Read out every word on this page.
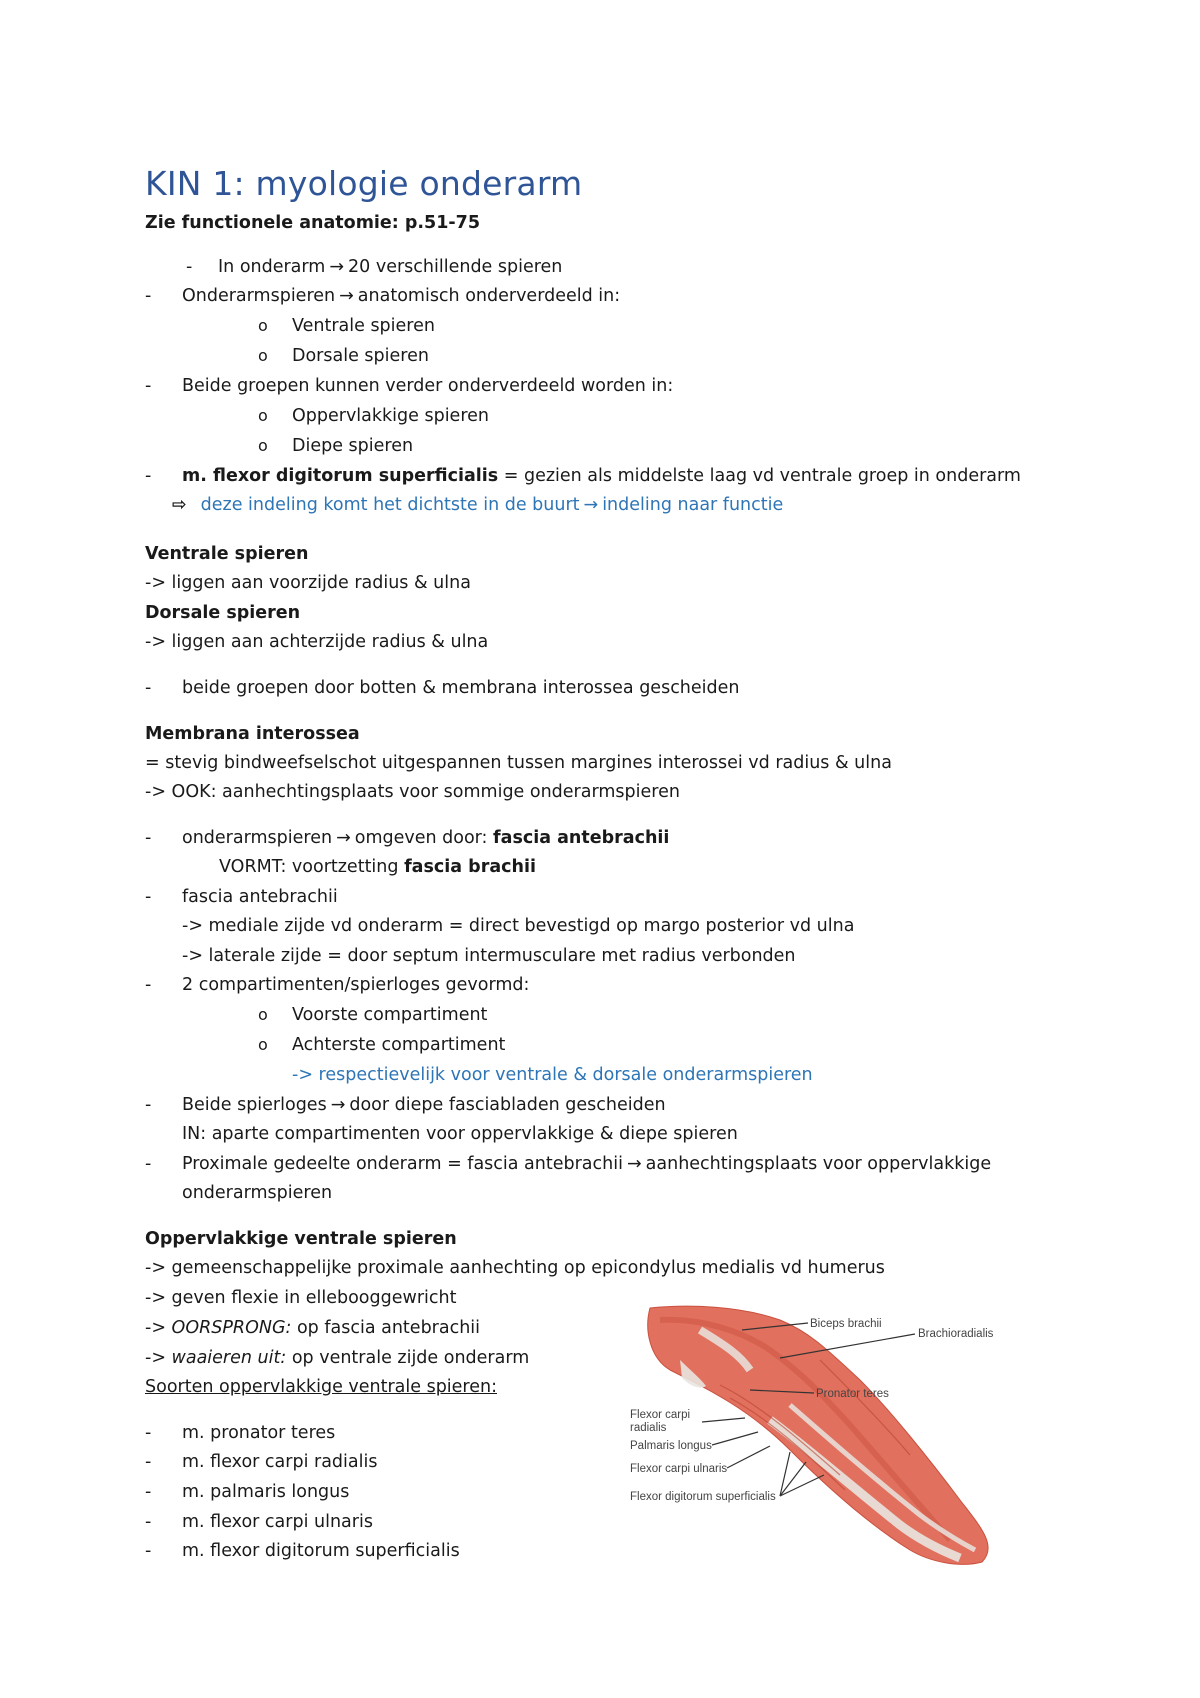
KIN 1: myologie onderarm
Zie functionele anatomie: p.51-75
- In onderarm → 20 verschillende spieren
- Onderarmspieren → anatomisch onderverdeeld in:
o Ventrale spieren
o Dorsale spieren
- Beide groepen kunnen verder onderverdeeld worden in:
o Oppervlakkige spieren
o Diepe spieren
- m. flexor digitorum superficialis = gezien als middelste laag vd ventrale groep in onderarm
⇨ deze indeling komt het dichtste in de buurt → indeling naar functie
Ventrale spieren
-> liggen aan voorzijde radius & ulna
Dorsale spieren
-> liggen aan achterzijde radius & ulna
- beide groepen door botten & membrana interossea gescheiden
Membrana interossea
= stevig bindweefselschot uitgespannen tussen margines interossei vd radius & ulna
-> OOK: aanhechtingsplaats voor sommige onderarmspieren
- onderarmspieren → omgeven door: fascia antebrachii
VORMT: voortzetting fascia brachii
- fascia antebrachii
-> mediale zijde vd onderarm = direct bevestigd op margo posterior vd ulna
-> laterale zijde = door septum intermusculare met radius verbonden
- 2 compartimenten/spierloges gevormd:
o Voorste compartiment
o Achterste compartiment
-> respectievelijk voor ventrale & dorsale onderarmspieren
- Beide spierloges → door diepe fasciabladen gescheiden
IN: aparte compartimenten voor oppervlakkige & diepe spieren
- Proximale gedeelte onderarm = fascia antebrachii → aanhechtingsplaats voor oppervlakkige
onderarmspieren
Oppervlakkige ventrale spieren
-> gemeenschappelijke proximale aanhechting op epicondylus medialis vd humerus
-> geven flexie in ellebooggewricht
-> OORSPRONG: op fascia antebrachii
-> waaieren uit: op ventrale zijde onderarm
Soorten oppervlakkige ventrale spieren:
- m. pronator teres
- m. flexor carpi radialis
- m. palmaris longus
- m. flexor carpi ulnaris
- m. flexor digitorum superficialis
Biceps brachii
Brachioradialis
Pronator teres
Flexor carpi
radialis
Palmaris longus
Flexor carpi ulnaris
Flexor digitorum superficialis
